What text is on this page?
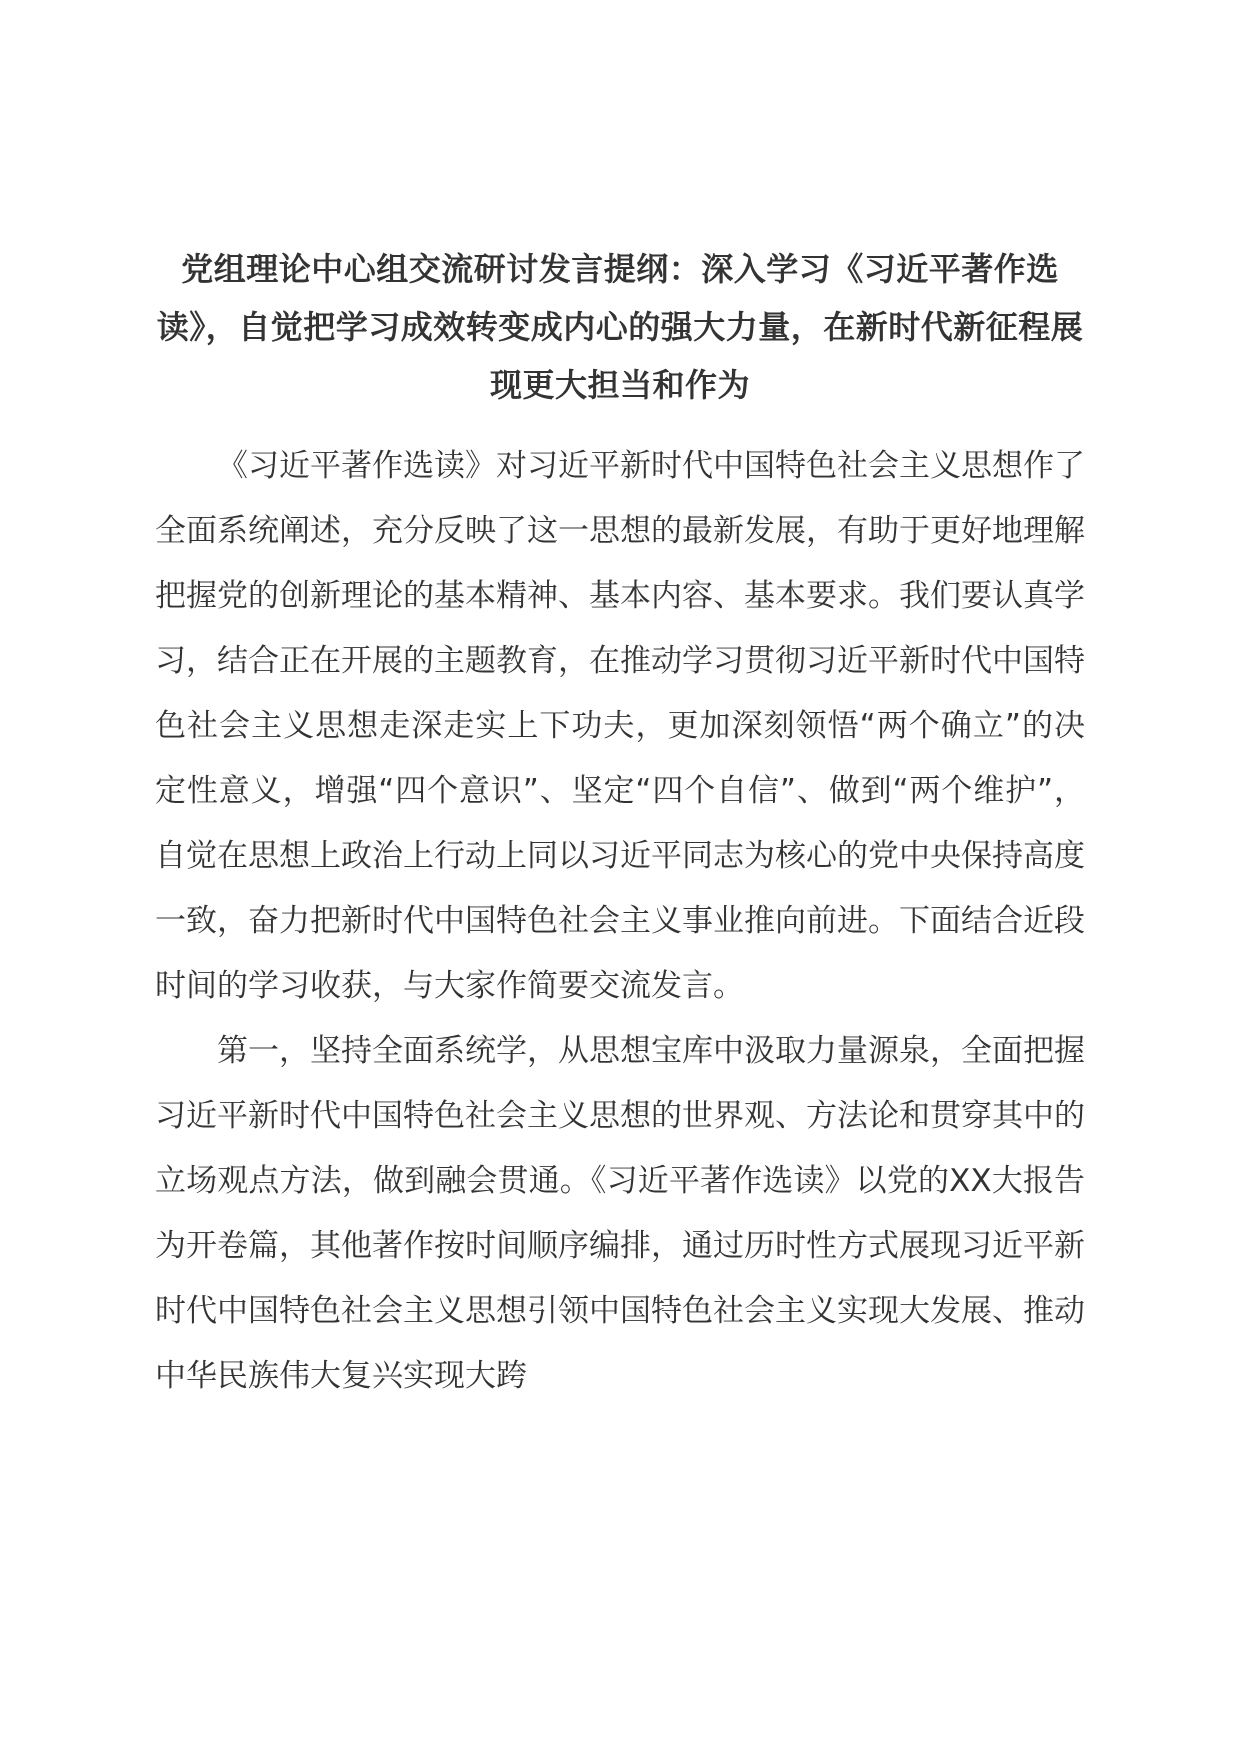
党组理论中心组交流研讨发言提纲：深入学习《习近平著作选读》，自觉把学习成效转变成内心的强大力量，在新时代新征程展现更大担当和作为

《习近平著作选读》对习近平新时代中国特色社会主义思想作了全面系统阐述，充分反映了这一思想的最新发展，有助于更好地理解把握党的创新理论的基本精神、基本内容、基本要求。我们要认真学习，结合正在开展的主题教育，在推动学习贯彻习近平新时代中国特色社会主义思想走深走实上下功夫，更加深刻领悟“两个确立”的决定性意义，增强“四个意识”、坚定“四个自信”、做到“两个维护”，自觉在思想上政治上行动上同以习近平同志为核心的党中央保持高度一致，奋力把新时代中国特色社会主义事业推向前进。下面结合近段时间的学习收获，与大家作简要交流发言。

第一，坚持全面系统学，从思想宝库中汲取力量源泉，全面把握习近平新时代中国特色社会主义思想的世界观、方法论和贯穿其中的立场观点方法，做到融会贯通。《习近平著作选读》以党的XX大报告为开卷篇，其他著作按时间顺序编排，通过历时性方式展现习近平新时代中国特色社会主义思想引领中国特色社会主义实现大发展、推动中华民族伟大复兴实现大跨
